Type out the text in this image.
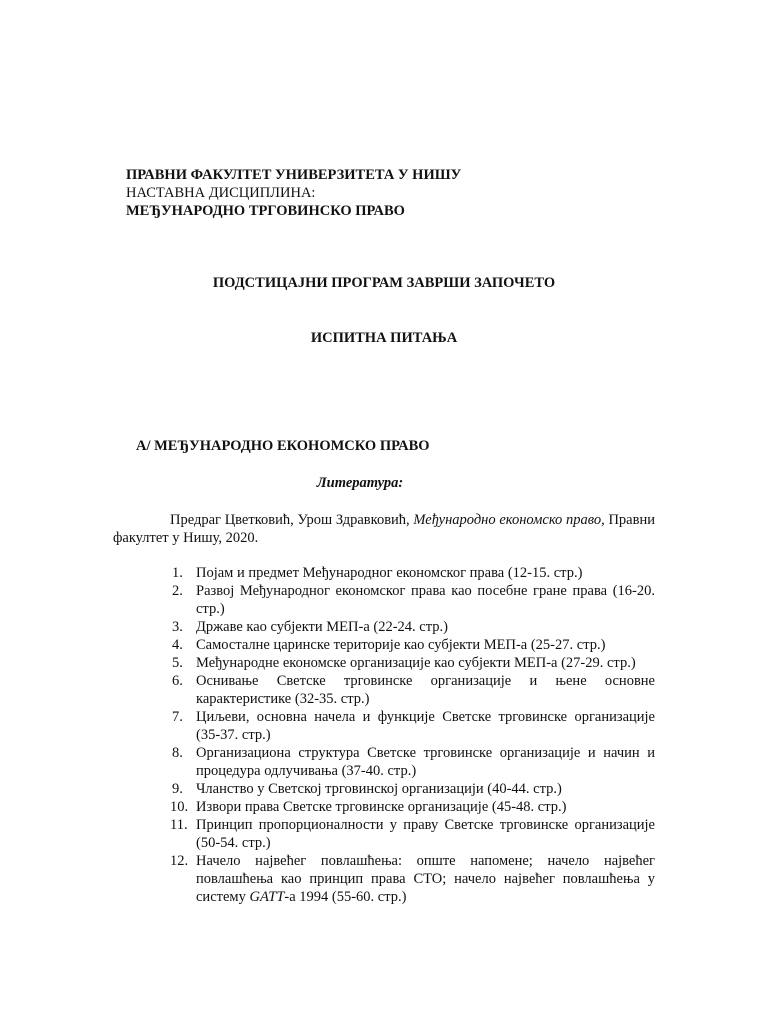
ПРАВНИ ФАКУЛТЕТ УНИВЕРЗИТЕТА У НИШУ
НАСТАВНА ДИСЦИПЛИНА:
МЕЂУНАРОДНО ТРГОВИНСКО ПРАВО
ПОДСТИЦАЈНИ ПРОГРАМ ЗАВРШИ ЗАПОЧЕТО
ИСПИТНА ПИТАЊА
А/ МЕЂУНАРОДНО ЕКОНОМСКО ПРАВО
Литература:
Предраг Цветковић, Урош Здравковић, Међународно економско право, Правни факултет у Нишу, 2020.
1. Појам и предмет Међународног економског права (12-15. стр.)
2. Развој Међународног економског права као посебне гране права (16-20. стр.)
3. Државе као субјекти МЕП-а (22-24. стр.)
4. Самосталне царинске територије као субјекти МЕП-а (25-27. стр.)
5. Међународне економске организације као субјекти МЕП-а (27-29. стр.)
6. Оснивање Светске трговинске организације и њене основне карактеристике (32-35. стр.)
7. Циљеви, основна начела и функције Светске трговинске организације (35-37. стр.)
8. Организациона структура Светске трговинске организације и начин и процедура одлучивања (37-40. стр.)
9. Чланство у Светској трговинској организацији (40-44. стр.)
10. Извори права Светске трговинске организације (45-48. стр.)
11. Принцип пропорционалности у праву Светске трговинске организације (50-54. стр.)
12. Начело највећег повлашћења: опште напомене; начело највећег повлашћења као принцип права СТО; начело највећег повлашћења у систему GATT-а 1994 (55-60. стр.)
